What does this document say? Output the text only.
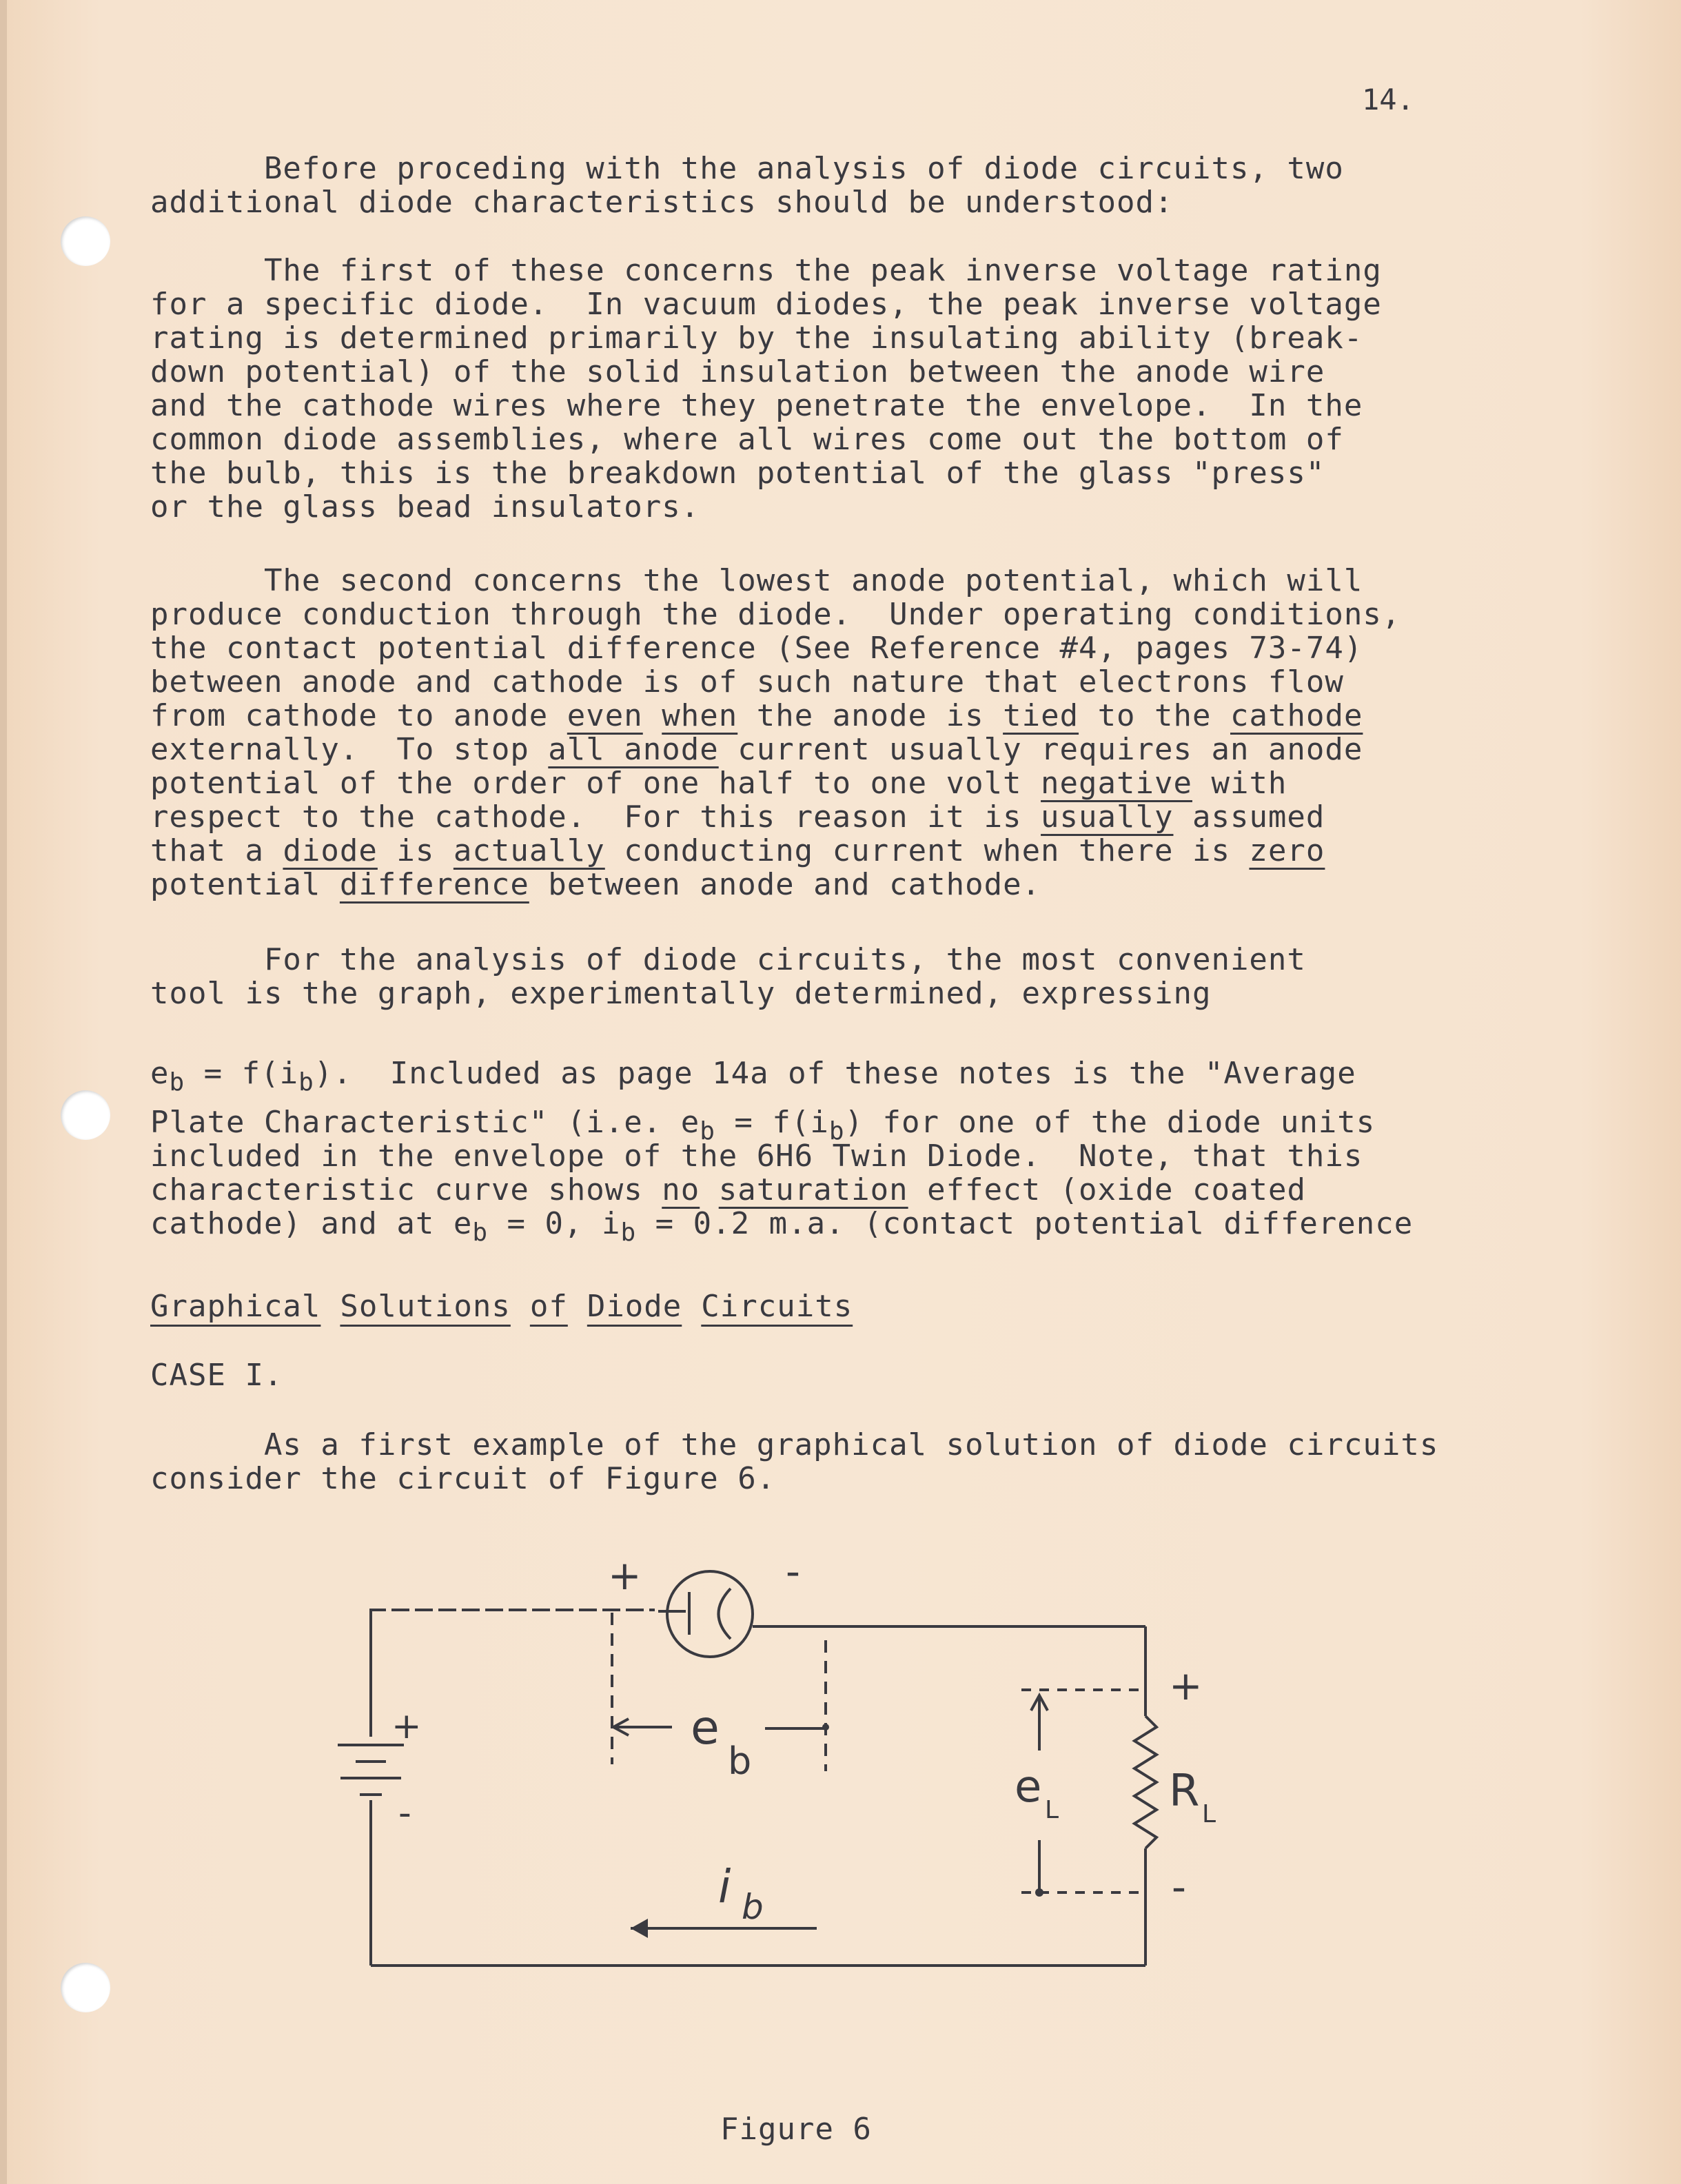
14.
Before proceding with the analysis of diode circuits, two
additional diode characteristics should be understood:
The first of these concerns the peak inverse voltage rating
for a specific diode.  In vacuum diodes, the peak inverse voltage
rating is determined primarily by the insulating ability (break-
down potential) of the solid insulation between the anode wire
and the cathode wires where they penetrate the envelope.  In the
common diode assemblies, where all wires come out the bottom of
the bulb, this is the breakdown potential of the glass "press"
or the glass bead insulators.
The second concerns the lowest anode potential, which will
produce conduction through the diode.  Under operating conditions,
the contact potential difference (See Reference #4, pages 73-74)
between anode and cathode is of such nature that electrons flow
from cathode to anode even when the anode is tied to the cathode
externally.  To stop all anode current usually requires an anode
potential of the order of one half to one volt negative with
respect to the cathode.  For this reason it is usually assumed
that a diode is actually conducting current when there is zero
potential difference between anode and cathode.
For the analysis of diode circuits, the most convenient
tool is the graph, experimentally determined, expressing
$e_b = f(i_b)$.  Included as page 14a of these notes is the "Average
Plate Characteristic" (i.e. $e_b = f(i_b)$ for one of the diode units
included in the envelope of the 6H6 Twin Diode.  Note, that this
characteristic curve shows no saturation effect (oxide coated
cathode) and at $e_b = 0$, $i_b = 0.2$ m.a. (contact potential difference
Graphical Solutions of Diode Circuits
CASE I.
As a first example of the graphical solution of diode circuits
consider the circuit of Figure 6.
+	-
+
-
e
b
e L R L
+
-
i b
Figure 6
